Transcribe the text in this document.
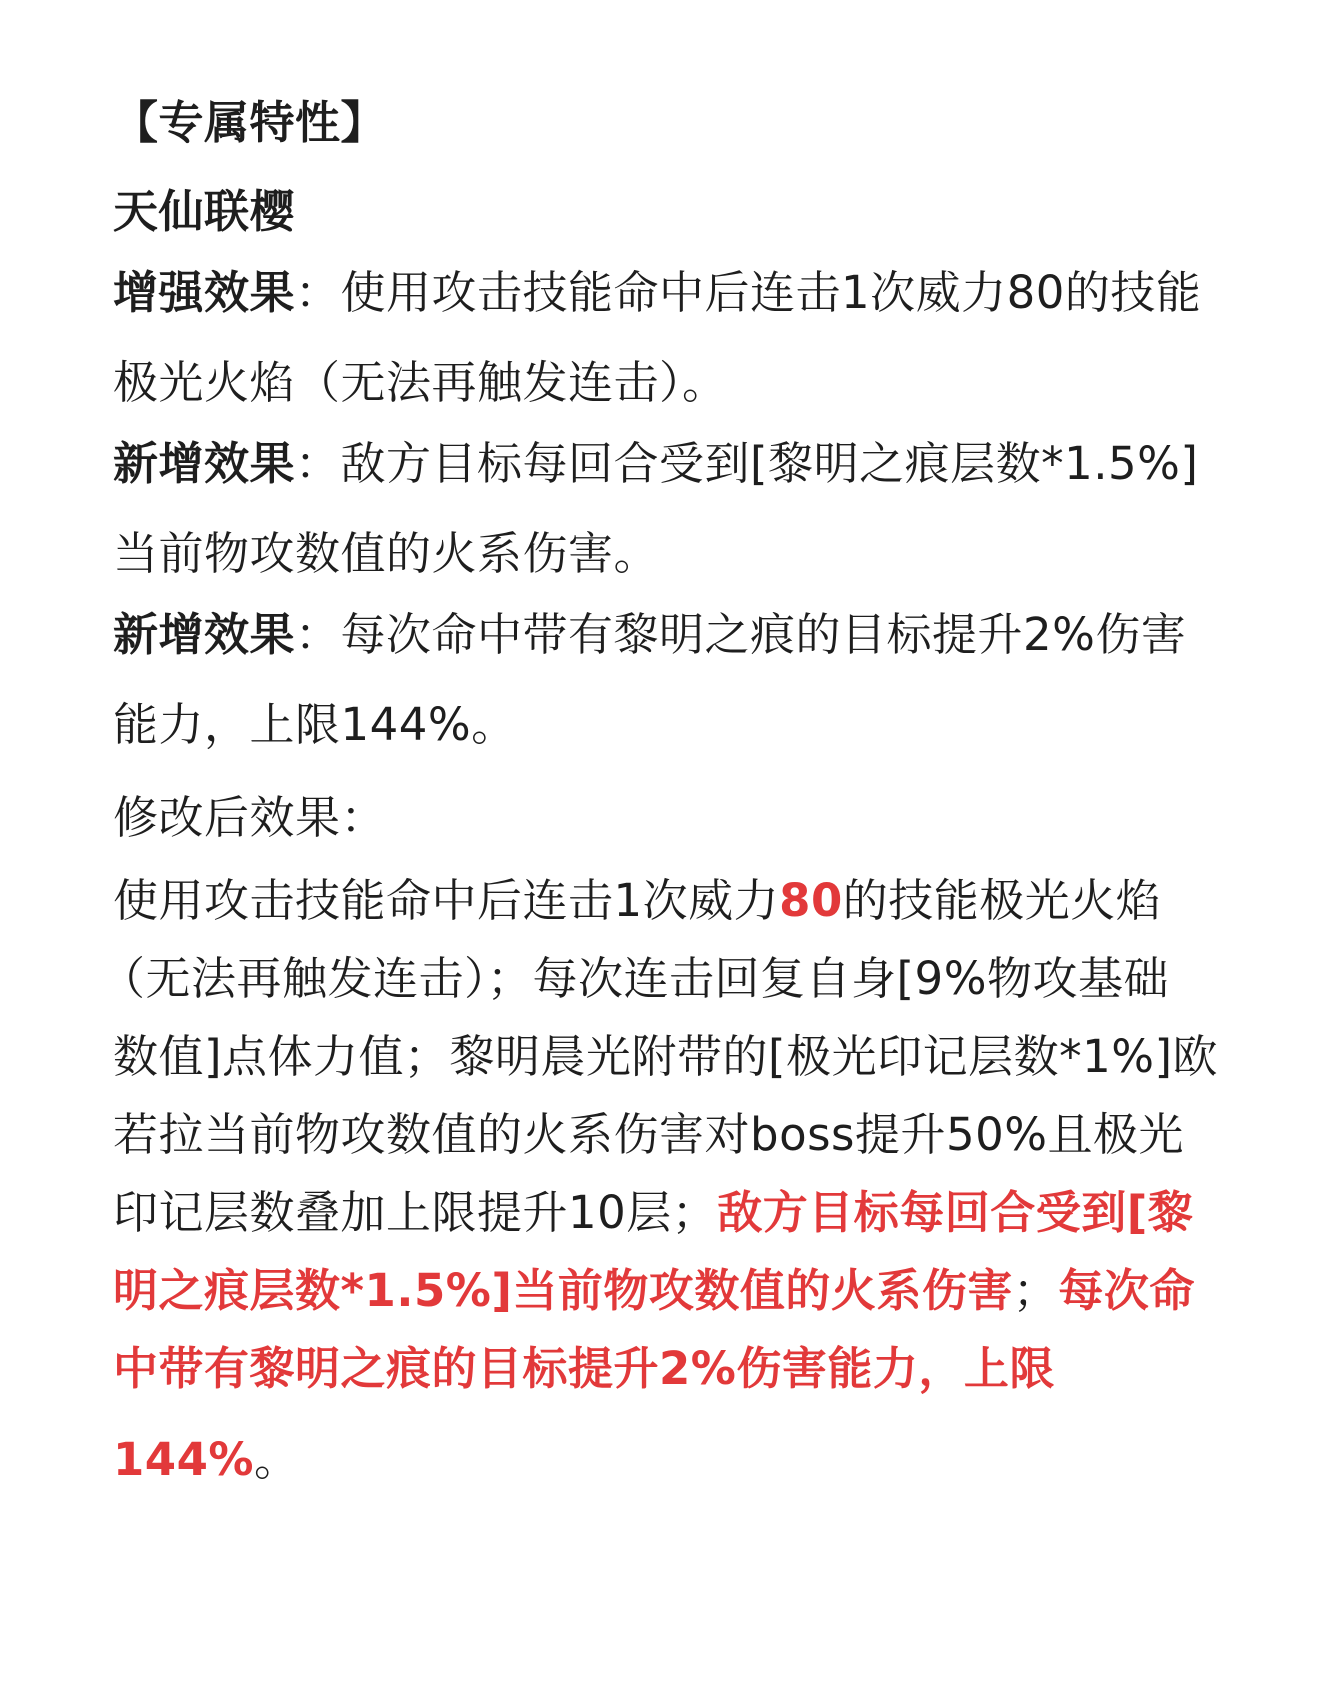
【专属特性】
天仙联樱
增强效果：使用攻击技能命中后连击1次威力80的技能
极光火焰（无法再触发连击）。
新增效果：敌方目标每回合受到[黎明之痕层数*1.5%]
当前物攻数值的火系伤害。
新增效果：每次命中带有黎明之痕的目标提升2%伤害
能力，上限144%。
修改后效果：
使用攻击技能命中后连击1次威力80的技能极光火焰
（无法再触发连击）；每次连击回复自身[9%物攻基础
数值]点体力值；黎明晨光附带的[极光印记层数*1%]欧
若拉当前物攻数值的火系伤害对boss提升50%且极光
印记层数叠加上限提升10层；敌方目标每回合受到[黎
明之痕层数*1.5%]当前物攻数值的火系伤害；每次命
中带有黎明之痕的目标提升2%伤害能力，上限
144%。
